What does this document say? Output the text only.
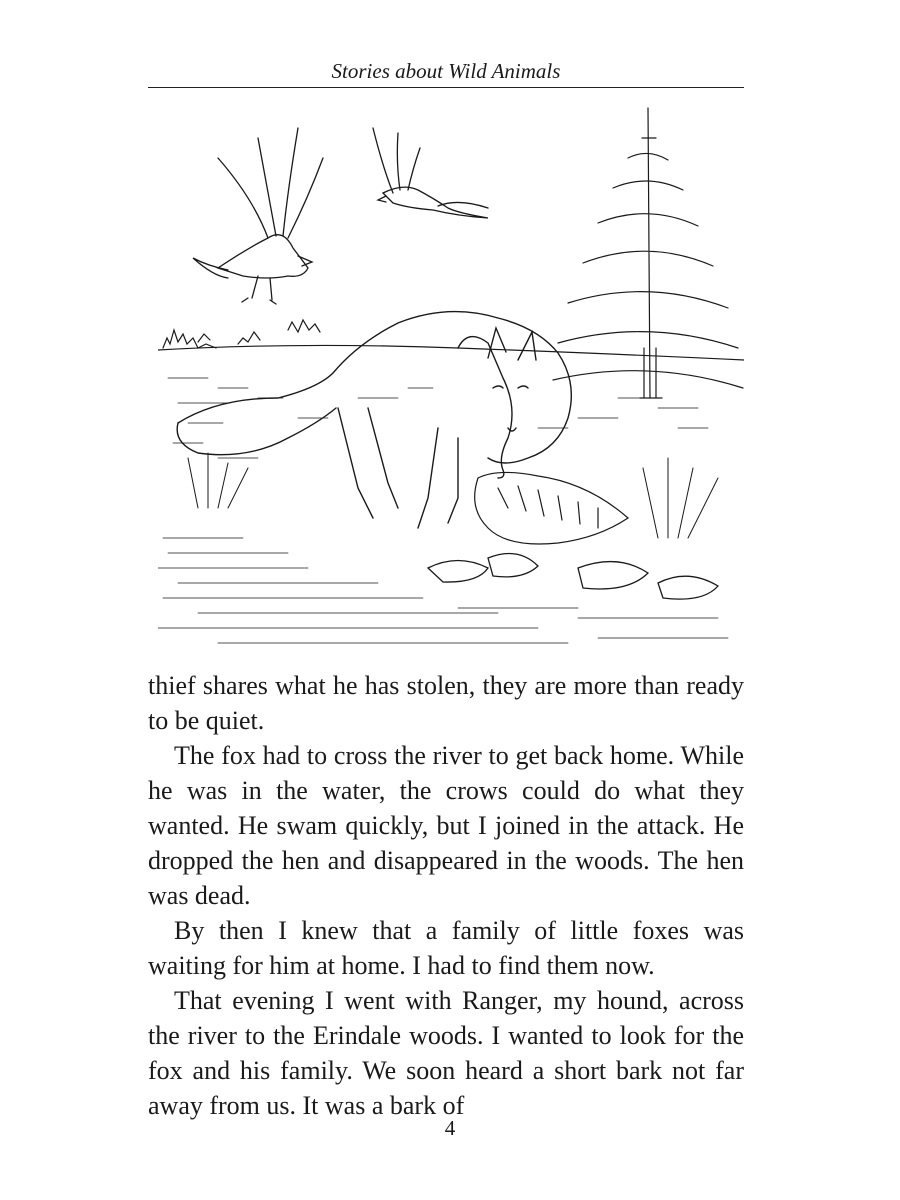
Stories about Wild Animals

thief shares what he has stolen, they are more than ready to be quiet.

The fox had to cross the river to get back home. While he was in the water, the crows could do what they wanted. He swam quickly, but I joined in the attack. He dropped the hen and disappeared in the woods. The hen was dead.

By then I knew that a family of little foxes was waiting for him at home. I had to find them now.

That evening I went with Ranger, my hound, across the river to the Erindale woods. I wanted to look for the fox and his family. We soon heard a short bark not far away from us. It was a bark of

4
